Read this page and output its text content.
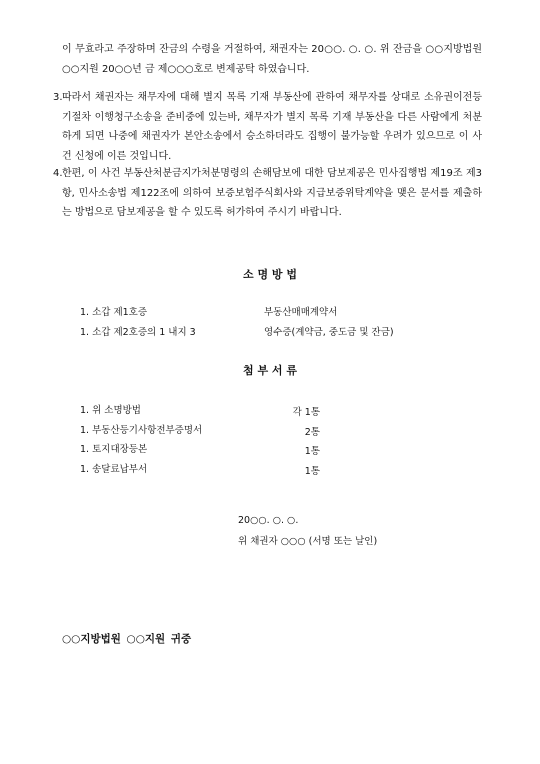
이 무효라고 주장하며 잔금의 수령을 거절하여, 채권자는 20○○. ○. ○. 위 잔금을 ○○지방법원 ○○지원 20○○년 금 제○○○호로 변제공탁 하였습니다.
3. 따라서 채권자는 채무자에 대해 별지 목록 기재 부동산에 관하여 채무자를 상대로 소유권이전등기절차 이행청구소송을 준비중에 있는바, 채무자가 별지 목록 기재 부동산을 다른 사람에게 처분하게 되면 나중에 채권자가 본안소송에서 승소하더라도 집행이 불가능할 우려가 있으므로 이 사건 신청에 이른 것입니다.
4. 한편, 이 사건 부동산처분금지가처분명령의 손해담보에 대한 담보제공은 민사집행법 제19조 제3항, 민사소송법 제122조에 의하여 보증보험주식회사와 지급보증위탁계약을 맺은 문서를 제출하는 방법으로 담보제공을 할 수 있도록 허가하여 주시기 바랍니다.
소 명 방 법
1. 소갑 제1호증	부동산매매계약서
1. 소갑 제2호증의 1 내지 3	영수증(계약금, 중도금 및 잔금)
첨 부 서 류
1. 위 소명방법	각 1통
1. 부동산등기사항전부증명서	2통
1. 토지대장등본	1통
1. 송달료납부서	1통
20○○. ○. ○.
위 채권자 ○○○ (서명 또는 날인)
○○지방법원 ○○지원 귀중
